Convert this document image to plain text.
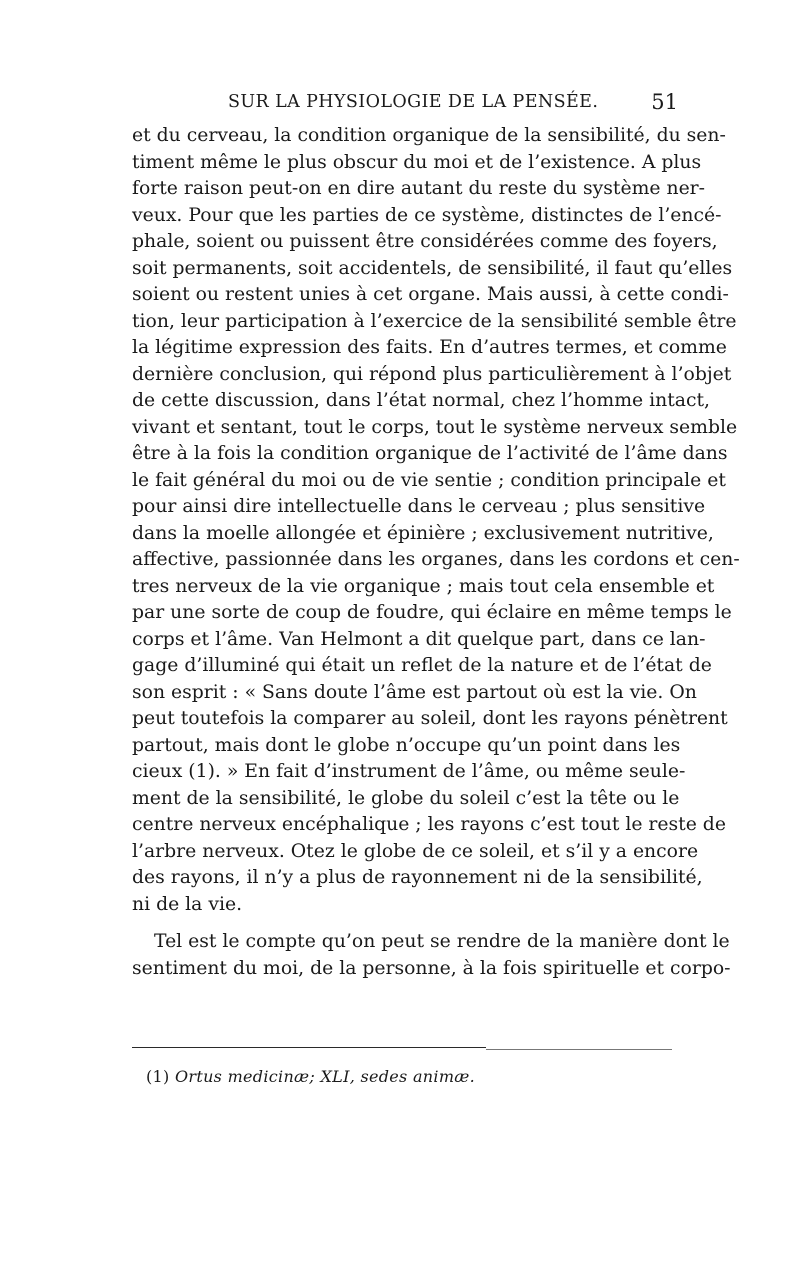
SUR LA PHYSIOLOGIE DE LA PENSÉE.	51
et du cerveau, la condition organique de la sensibilité, du sen-
timent même le plus obscur du moi et de l’existence. A plus
forte raison peut-on en dire autant du reste du système ner-
veux. Pour que les parties de ce système, distinctes de l’encé-
phale, soient ou puissent être considérées comme des foyers,
soit permanents, soit accidentels, de sensibilité, il faut qu’elles
soient ou restent unies à cet organe. Mais aussi, à cette condi-
tion, leur participation à l’exercice de la sensibilité semble être
la légitime expression des faits. En d’autres termes, et comme
dernière conclusion, qui répond plus particulièrement à l’objet
de cette discussion, dans l’état normal, chez l’homme intact,
vivant et sentant, tout le corps, tout le système nerveux semble
être à la fois la condition organique de l’activité de l’âme dans
le fait général du moi ou de vie sentie ; condition principale et
pour ainsi dire intellectuelle dans le cerveau ; plus sensitive
dans la moelle allongée et épinière ; exclusivement nutritive,
affective, passionnée dans les organes, dans les cordons et cen-
tres nerveux de la vie organique ; mais tout cela ensemble et
par une sorte de coup de foudre, qui éclaire en même temps le
corps et l’âme. Van Helmont a dit quelque part, dans ce lan-
gage d’illuminé qui était un reflet de la nature et de l’état de
son esprit : « Sans doute l’âme est partout où est la vie. On
peut toutefois la comparer au soleil, dont les rayons pénètrent
partout, mais dont le globe n’occupe qu’un point dans les
cieux (1). » En fait d’instrument de l’âme, ou même seule-
ment de la sensibilité, le globe du soleil c’est la tête ou le
centre nerveux encéphalique ; les rayons c’est tout le reste de
l’arbre nerveux. Otez le globe de ce soleil, et s’il y a encore
des rayons, il n’y a plus de rayonnement ni de la sensibilité,
ni de la vie.
Tel est le compte qu’on peut se rendre de la manière dont le
sentiment du moi, de la personne, à la fois spirituelle et corpo-
(1) Ortus medicinæ; XLI, sedes animæ.
